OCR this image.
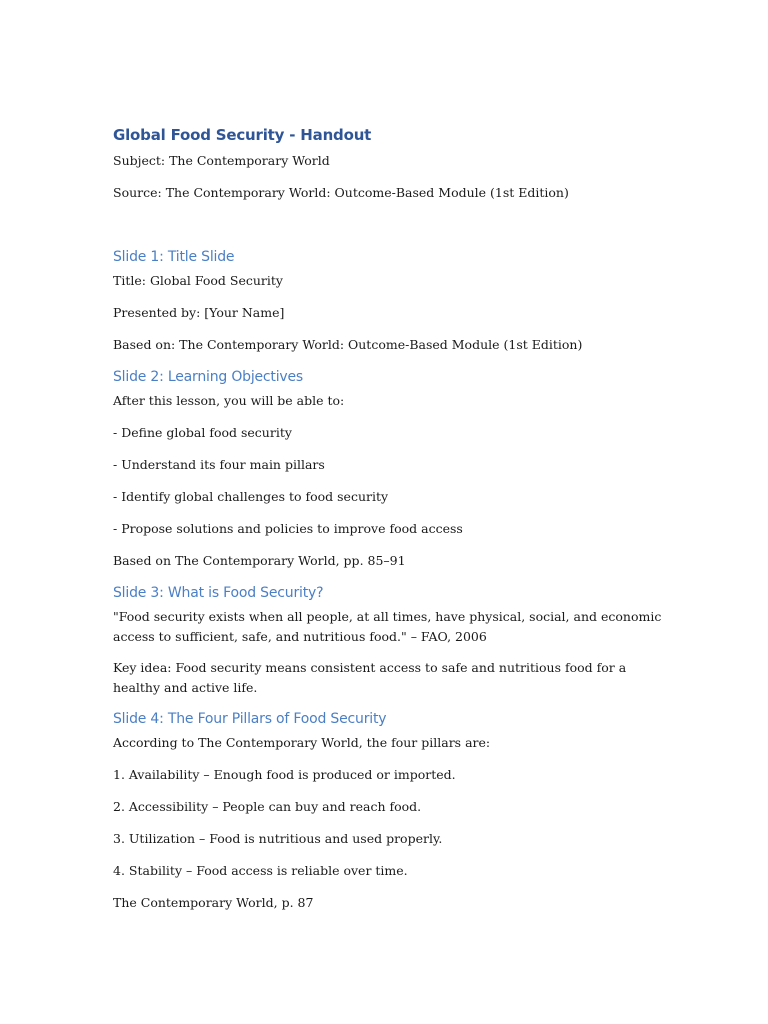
Global Food Security - Handout

Subject: The Contemporary World

Source: The Contemporary World: Outcome-Based Module (1st Edition)

Slide 1: Title Slide

Title: Global Food Security

Presented by: [Your Name]

Based on: The Contemporary World: Outcome-Based Module (1st Edition)

Slide 2: Learning Objectives

After this lesson, you will be able to:

- Define global food security

- Understand its four main pillars

- Identify global challenges to food security

- Propose solutions and policies to improve food access

Based on The Contemporary World, pp. 85–91

Slide 3: What is Food Security?

"Food security exists when all people, at all times, have physical, social, and economic access to sufficient, safe, and nutritious food." – FAO, 2006

Key idea: Food security means consistent access to safe and nutritious food for a healthy and active life.

Slide 4: The Four Pillars of Food Security

According to The Contemporary World, the four pillars are:

1. Availability – Enough food is produced or imported.

2. Accessibility – People can buy and reach food.

3. Utilization – Food is nutritious and used properly.

4. Stability – Food access is reliable over time.

The Contemporary World, p. 87
